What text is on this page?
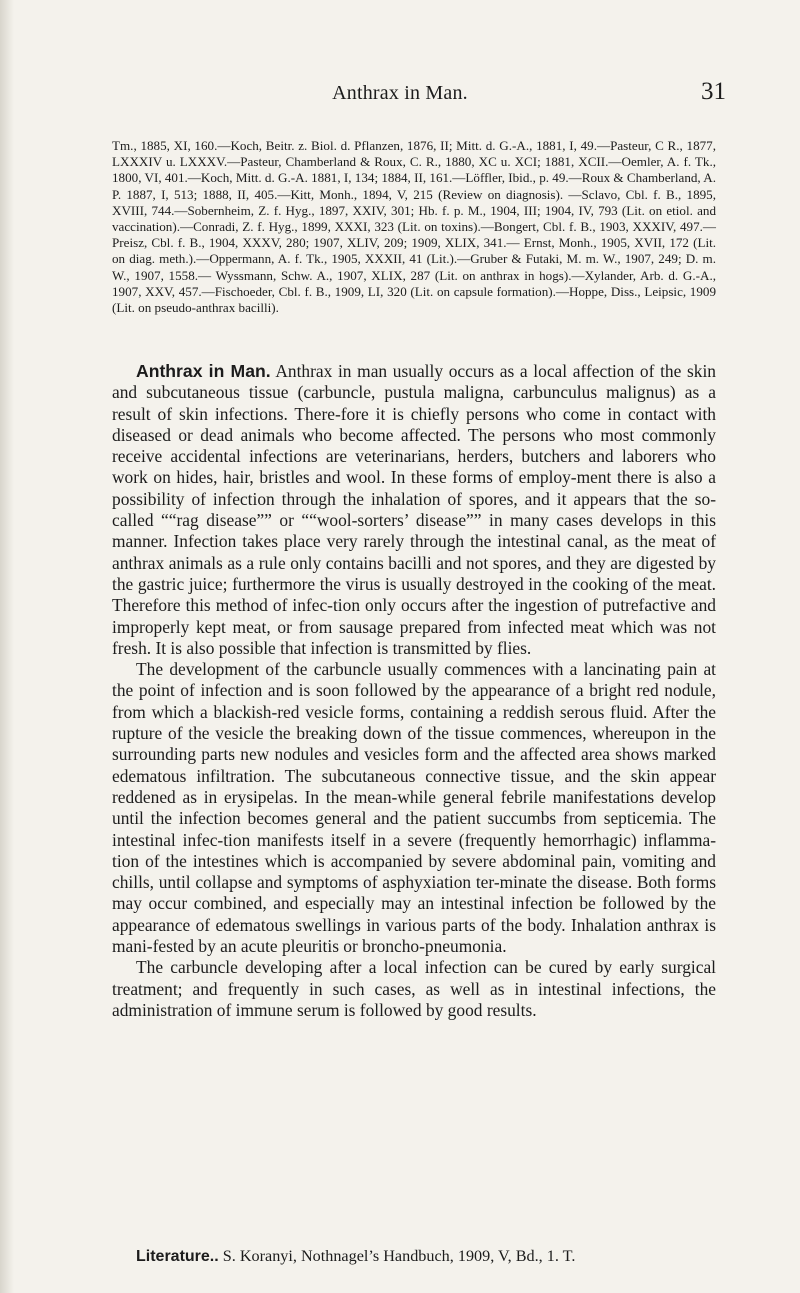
Anthrax in Man.	31
Tm., 1885, XI, 160.—Koch, Beitr. z. Biol. d. Pflanzen, 1876, II; Mitt. d. G.-A., 1881, I, 49.—Pasteur, C R., 1877, LXXXIV u. LXXXV.—Pasteur, Chamberland & Roux, C. R., 1880, XC u. XCI; 1881, XCII.—Oemler, A. f. Tk., 1800, VI, 401.—Koch, Mitt. d. G.-A. 1881, I, 134; 1884, II, 161.—Löffler, Ibid., p. 49.—Roux & Chamberland, A. P. 1887, I, 513; 1888, II, 405.—Kitt, Monh., 1894, V, 215 (Review on diagnosis). —Sclavo, Cbl. f. B., 1895, XVIII, 744.—Sobernheim, Z. f. Hyg., 1897, XXIV, 301; Hb. f. p. M., 1904, III; 1904, IV, 793 (Lit. on etiol. and vaccination).—Conradi, Z. f. Hyg., 1899, XXXI, 323 (Lit. on toxins).—Bongert, Cbl. f. B., 1903, XXXIV, 497.—Preisz, Cbl. f. B., 1904, XXXV, 280; 1907, XLIV, 209; 1909, XLIX, 341.— Ernst, Monh., 1905, XVII, 172 (Lit. on diag. meth.).—Oppermann, A. f. Tk., 1905, XXXII, 41 (Lit.).—Gruber & Futaki, M. m. W., 1907, 249; D. m. W., 1907, 1558.— Wyssmann, Schw. A., 1907, XLIX, 287 (Lit. on anthrax in hogs).—Xylander, Arb. d. G.-A., 1907, XXV, 457.—Fischoeder, Cbl. f. B., 1909, LI, 320 (Lit. on capsule formation).—Hoppe, Diss., Leipsic, 1909 (Lit. on pseudo-anthrax bacilli).

Anthrax in Man. Anthrax in man usually occurs as a local affection of the skin and subcutaneous tissue (carbuncle, pustula maligna, carbunculus malignus) as a result of skin infections. There-fore it is chiefly persons who come in contact with diseased or dead animals who become affected. The persons who most commonly receive accidental infections are veterinarians, herders, butchers and laborers who work on hides, hair, bristles and wool. In these forms of employ-ment there is also a possibility of infection through the inhalation of spores, and it appears that the so-called ““rag disease”” or ““wool-sorters’ disease”” in many cases develops in this manner. Infection takes place very rarely through the intestinal canal, as the meat of anthrax animals as a rule only contains bacilli and not spores, and they are digested by the gastric juice; furthermore the virus is usually destroyed in the cooking of the meat. Therefore this method of infec-tion only occurs after the ingestion of putrefactive and improperly kept meat, or from sausage prepared from infected meat which was not fresh. It is also possible that infection is transmitted by flies.

The development of the carbuncle usually commences with a lancinating pain at the point of infection and is soon followed by the appearance of a bright red nodule, from which a blackish-red vesicle forms, containing a reddish serous fluid. After the rupture of the vesicle the breaking down of the tissue commences, whereupon in the surrounding parts new nodules and vesicles form and the affected area shows marked edematous infiltration. The subcutaneous connective tissue, and the skin appear reddened as in erysipelas. In the mean-while general febrile manifestations develop until the infection becomes general and the patient succumbs from septicemia. The intestinal infec-tion manifests itself in a severe (frequently hemorrhagic) inflamma-tion of the intestines which is accompanied by severe abdominal pain, vomiting and chills, until collapse and symptoms of asphyxiation ter-minate the disease. Both forms may occur combined, and especially may an intestinal infection be followed by the appearance of edematous swellings in various parts of the body. Inhalation anthrax is mani-fested by an acute pleuritis or broncho-pneumonia.

The carbuncle developing after a local infection can be cured by early surgical treatment; and frequently in such cases, as well as in intestinal infections, the administration of immune serum is followed by good results.

Literature.. S. Koranyi, Nothnagel’s Handbuch, 1909, V, Bd., 1. T.
